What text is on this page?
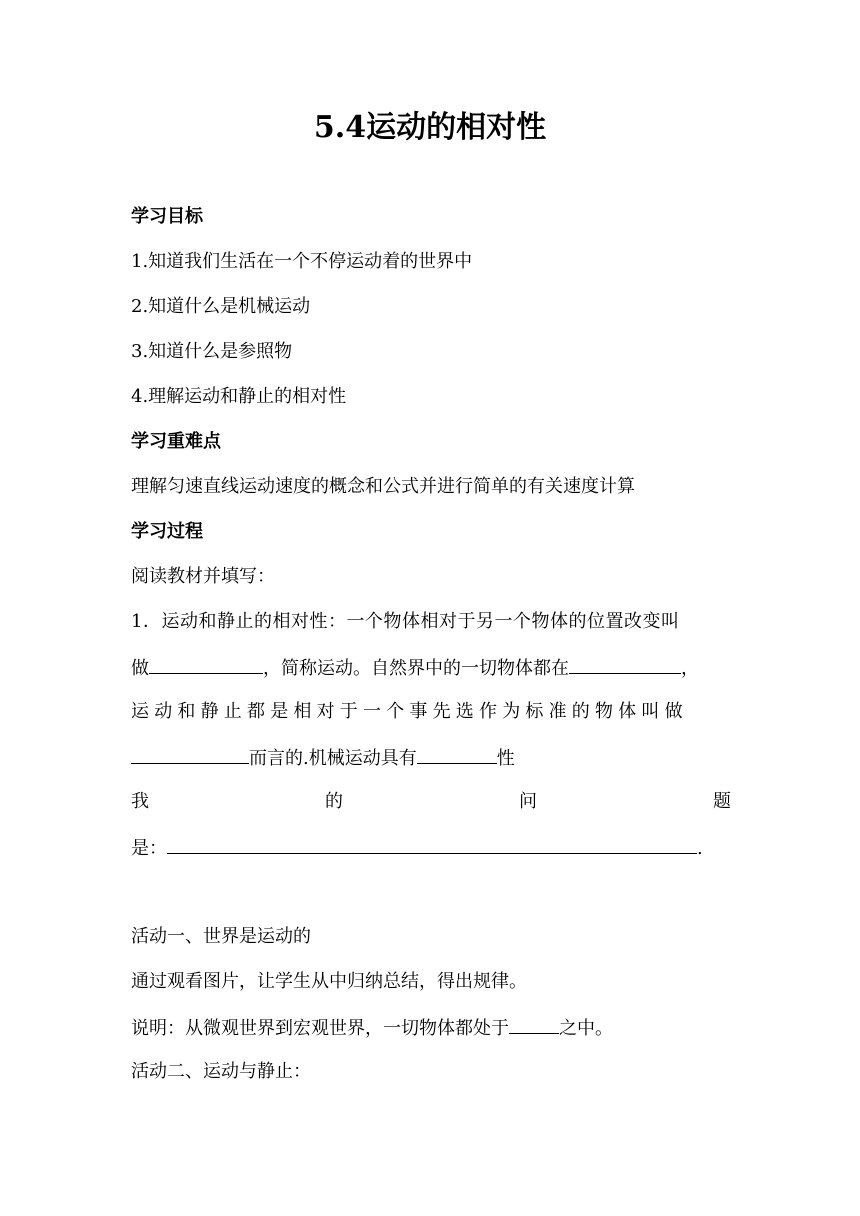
5.4运动的相对性
学习目标
1.知道我们生活在一个不停运动着的世界中
2.知道什么是机械运动
3.知道什么是参照物
4.理解运动和静止的相对性
学习重难点
理解匀速直线运动速度的概念和公式并进行简单的有关速度计算
学习过程
阅读教材并填写：
1．运动和静止的相对性：一个物体相对于另一个物体的位置改变叫
做	，简称运动。自然界中的一切物体都在	，
运动和静止都是相对于一个事先选作为标准的物体叫做
而言的.机械运动具有	性
我	的	问	题
是：	.
活动一、世界是运动的
通过观看图片，让学生从中归纳总结，得出规律。
说明：从微观世界到宏观世界，一切物体都处于	之中。
活动二、运动与静止：
